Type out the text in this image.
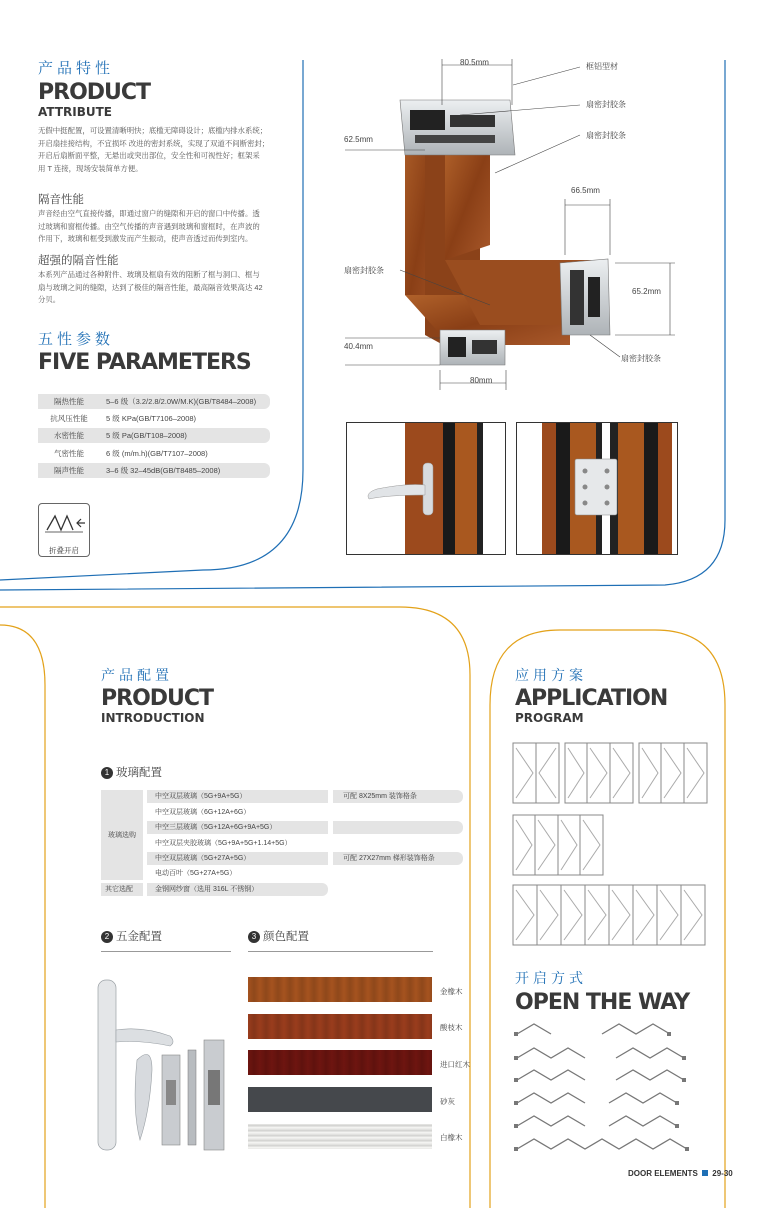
产品特性
PRODUCT
ATTRIBUTE
无假中挺配置，可设置清晰明快；底槛无障碍设计；底槛内排水系统；
开启扇挂接结构，不宜损坏 改进的密封系统，实现了双道不间断密封；
开启后扇断面平整，无悬出或突出部位，安全性和可视性好；框架采
用 T 连接，现场安装简单方便。
隔音性能
声音经由空气直接传播，即通过窗户的缝隙和开启的窗口中传播。透
过玻璃和窗框传播。由空气传播的声音遇到玻璃和窗框时，在声波的
作用下，玻璃和框受到激发而产生振动，使声音透过而传到室内。
超强的隔音性能
本系列产品通过各种附件、玻璃及框扇有效的阻断了框与洞口、框与
扇与玻璃之间的缝隙，达到了极佳的隔音性能，最高隔音效果高达 42
分贝。
五性参数
FIVE PARAMETERS
隔热性能	5–6 级（3.2/2.8/2.0W/M.K)(GB/T8484–2008)
抗风压性能	5 级 KPa(GB/T7106–2008)
水密性能	5 级 Pa(GB/T108–2008)
气密性能	6 级 (m/m.h)(GB/T7107–2008)
隔声性能	3–6 级 32–45dB(GB/T8485–2008)
折叠开启
80.5mm
62.5mm
66.5mm
65.2mm
40.4mm
80mm
框铝型材
扇密封胶条
扇密封胶条
扇密封胶条
扇密封胶条
产品配置
PRODUCT
INTRODUCTION
1 玻璃配置
玻璃选购
中空双层玻璃（5G+9A+5G）	可配 8X25mm 装饰格条
中空双层玻璃（6G+12A+6G）
中空三层玻璃（5G+12A+6G+9A+5G）
中空双层夹胶玻璃（5G+9A+5G+1.14+5G）
中空双层玻璃（5G+27A+5G）	可配 27X27mm 梯形装饰格条
电动百叶（5G+27A+5G）
其它选配	金钢网纱窗（选用 316L 不锈钢）
2 五金配置	3 颜色配置
金橡木
酸枝木
进口红木
砂灰
白橡木
应用方案
APPLICATION
PROGRAM
开启方式
OPEN THE WAY
DOOR ELEMENTS 29-30
